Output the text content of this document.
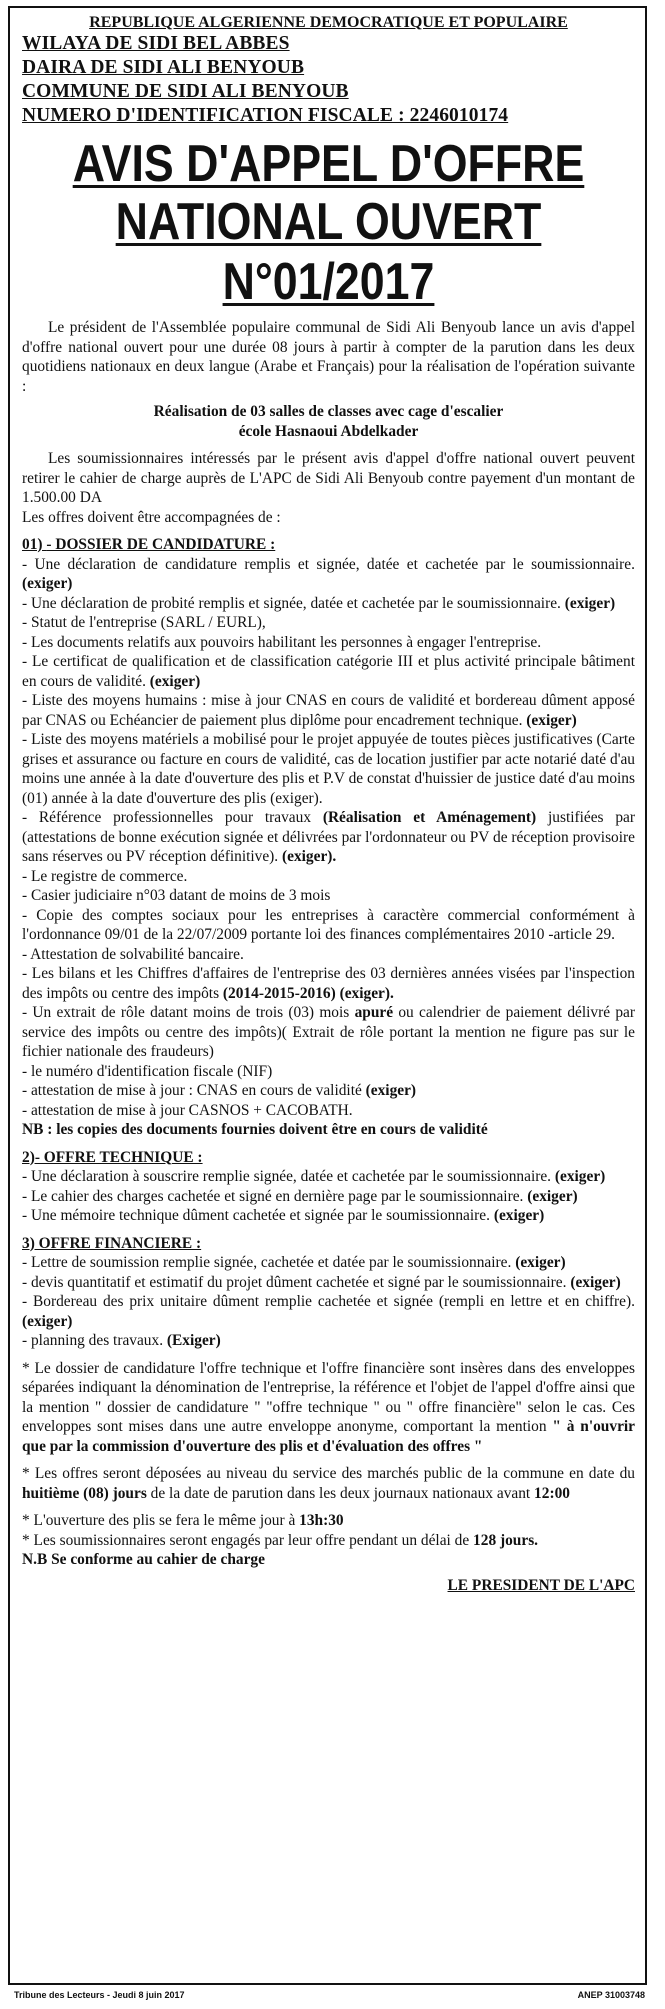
REPUBLIQUE ALGERIENNE DEMOCRATIQUE ET POPULAIRE
WILAYA DE SIDI BEL ABBES
DAIRA DE SIDI ALI BENYOUB
COMMUNE DE SIDI ALI BENYOUB
NUMERO D'IDENTIFICATION FISCALE : 2246010174
AVIS D'APPEL D'OFFRE
NATIONAL OUVERT N°01/2017
Le président de l'Assemblée populaire communal de Sidi Ali Benyoub lance un avis d'appel d'offre national ouvert pour une durée 08 jours à partir à compter de la parution dans les deux quotidiens nationaux en deux langue (Arabe et Français) pour la réalisation de l'opération suivante :
Réalisation de 03 salles de classes avec cage d'escalier
école Hasnaoui Abdelkader
Les soumissionnaires intéressés par le présent avis d'appel d'offre national ouvert peuvent retirer le cahier de charge auprès de L'APC de Sidi Ali Benyoub contre payement d'un montant de 1.500.00 DA
Les offres doivent être accompagnées de :
01) - DOSSIER DE CANDIDATURE :
- Une déclaration de candidature remplis et signée, datée et cachetée par le soumissionnaire. (exiger)
- Une déclaration de probité remplis et signée, datée et cachetée par le soumissionnaire. (exiger)
- Statut de l'entreprise (SARL / EURL),
- Les documents relatifs aux pouvoirs habilitant les personnes à engager l'entreprise.
- Le certificat de qualification et de classification catégorie III et plus activité principale bâtiment en cours de validité. (exiger)
- Liste des moyens humains : mise à jour CNAS en cours de validité et bordereau dûment apposé par CNAS ou Echéancier de paiement plus diplôme pour encadrement technique. (exiger)
- Liste des moyens matériels a mobilisé pour le projet appuyée de toutes pièces justificatives (Carte grises et assurance ou facture en cours de validité, cas de location justifier par acte notarié daté d'au moins une année à la date d'ouverture des plis et P.V de constat d'huissier de justice daté d'au moins (01) année à la date d'ouverture des plis (exiger).
- Référence professionnelles pour travaux (Réalisation et Aménagement) justifiées par (attestations de bonne exécution signée et délivrées par l'ordonnateur ou PV de réception provisoire sans réserves ou PV réception définitive). (exiger).
- Le registre de commerce.
- Casier judiciaire n°03 datant de moins de 3 mois
- Copie des comptes sociaux pour les entreprises à caractère commercial conformément à l'ordonnance 09/01 de la 22/07/2009 portante loi des finances complémentaires 2010 -article 29.
- Attestation de solvabilité bancaire.
- Les bilans et les Chiffres d'affaires de l'entreprise des 03 dernières années visées par l'inspection des impôts ou centre des impôts (2014-2015-2016) (exiger).
- Un extrait de rôle datant moins de trois (03) mois apuré ou calendrier de paiement délivré par service des impôts ou centre des impôts)( Extrait de rôle portant la mention ne figure pas sur le fichier nationale des fraudeurs)
- le numéro d'identification fiscale (NIF)
- attestation de mise à jour : CNAS en cours de validité (exiger)
- attestation de mise à jour CASNOS + CACOBATH.
NB : les copies des documents fournies doivent être en cours de validité
2)- OFFRE TECHNIQUE :
- Une déclaration à souscrire remplie signée, datée et cachetée par le soumissionnaire. (exiger)
- Le cahier des charges cachetée et signé en dernière page par le soumissionnaire. (exiger)
- Une mémoire technique dûment cachetée et signée par le soumissionnaire. (exiger)
3) OFFRE FINANCIERE :
- Lettre de soumission remplie signée, cachetée et datée par le soumissionnaire. (exiger)
- devis quantitatif et estimatif du projet dûment cachetée et signé par le soumissionnaire. (exiger)
- Bordereau des prix unitaire dûment remplie cachetée et signée (rempli en lettre et en chiffre). (exiger)
- planning des travaux. (Exiger)
* Le dossier de candidature l'offre technique et l'offre financière sont insères dans des enveloppes séparées indiquant la dénomination de l'entreprise, la référence et l'objet de l'appel d'offre ainsi que la mention " dossier de candidature " "offre technique " ou " offre financière" selon le cas. Ces enveloppes sont mises dans une autre enveloppe anonyme, comportant la mention " à n'ouvrir que par la commission d'ouverture des plis et d'évaluation des offres "
* Les offres seront déposées au niveau du service des marchés public de la commune en date du huitième (08) jours de la date de parution dans les deux journaux nationaux avant 12:00
* L'ouverture des plis se fera le même jour à 13h:30
* Les soumissionnaires seront engagés par leur offre pendant un délai de 128 jours.
N.B Se conforme au cahier de charge
LE PRESIDENT DE L'APC
Tribune des Lecteurs - Jeudi 8 juin 2017	ANEP 31003748
